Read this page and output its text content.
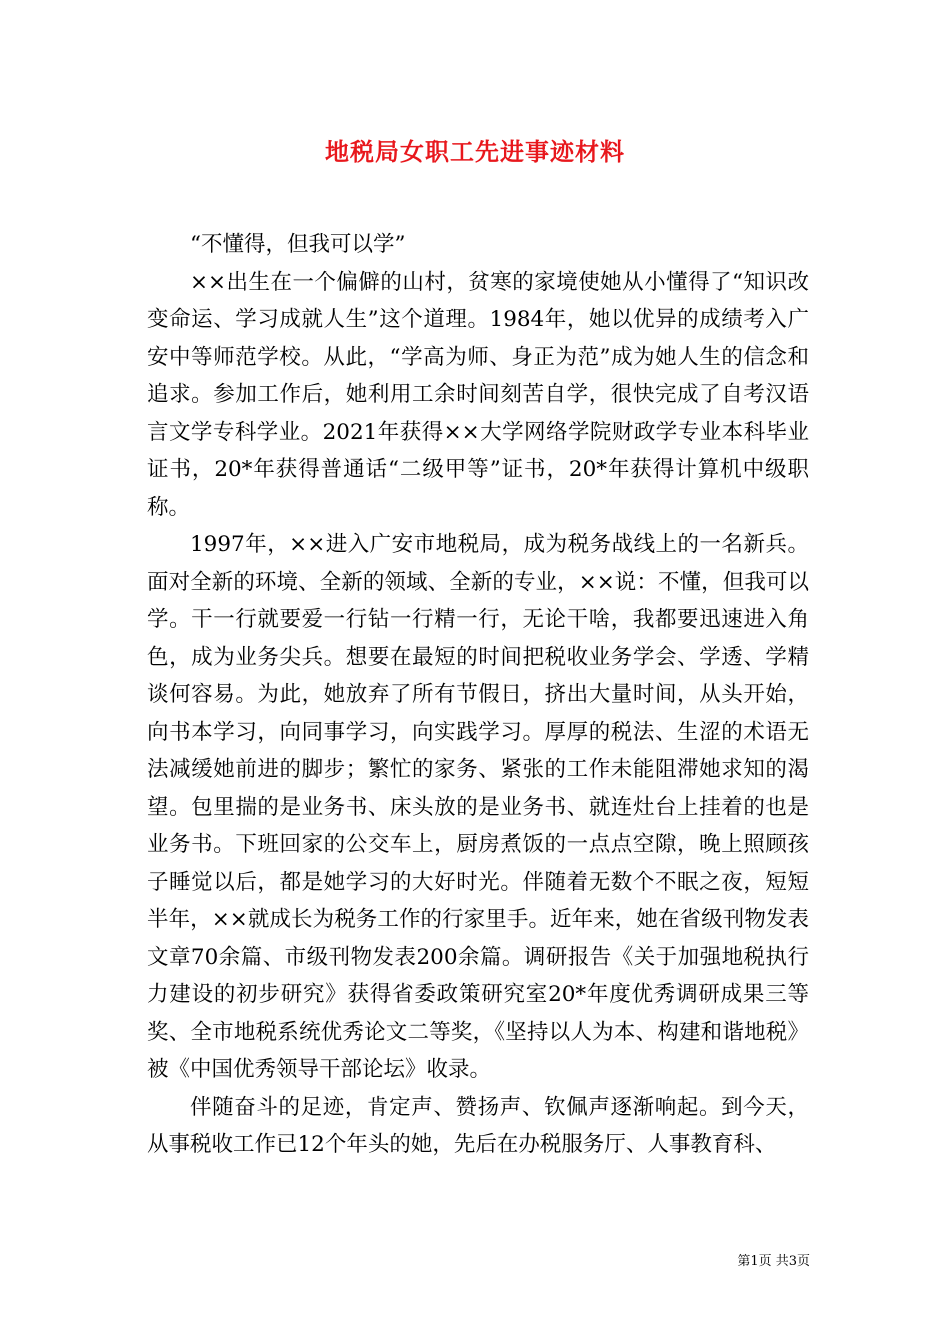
地税局女职工先进事迹材料

“不懂得，但我可以学”

××出生在一个偏僻的山村，贫寒的家境使她从小懂得了“知识改变命运、学习成就人生”这个道理。1984年，她以优异的成绩考入广安中等师范学校。从此，“学高为师、身正为范”成为她人生的信念和追求。参加工作后，她利用工余时间刻苦自学，很快完成了自考汉语言文学专科学业。2021年获得××大学网络学院财政学专业本科毕业证书，20*年获得普通话“二级甲等”证书，20*年获得计算机中级职称。

1997年，××进入广安市地税局，成为税务战线上的一名新兵。面对全新的环境、全新的领域、全新的专业，××说：不懂，但我可以学。干一行就要爱一行钻一行精一行，无论干啥，我都要迅速进入角色，成为业务尖兵。想要在最短的时间把税收业务学会、学透、学精谈何容易。为此，她放弃了所有节假日，挤出大量时间，从头开始，向书本学习，向同事学习，向实践学习。厚厚的税法、生涩的术语无法减缓她前进的脚步；繁忙的家务、紧张的工作未能阻滞她求知的渴望。包里揣的是业务书、床头放的是业务书、就连灶台上挂着的也是业务书。下班回家的公交车上，厨房煮饭的一点点空隙，晚上照顾孩子睡觉以后，都是她学习的大好时光。伴随着无数个不眠之夜，短短半年，××就成长为税务工作的行家里手。近年来，她在省级刊物发表文章70余篇、市级刊物发表200余篇。调研报告《关于加强地税执行力建设的初步研究》获得省委政策研究室20*年度优秀调研成果三等奖、全市地税系统优秀论文二等奖，《坚持以人为本、构建和谐地税》被《中国优秀领导干部论坛》收录。

伴随奋斗的足迹，肯定声、赞扬声、钦佩声逐渐响起。到今天，从事税收工作已12个年头的她，先后在办税服务厅、人事教育科、

第1页 共3页
